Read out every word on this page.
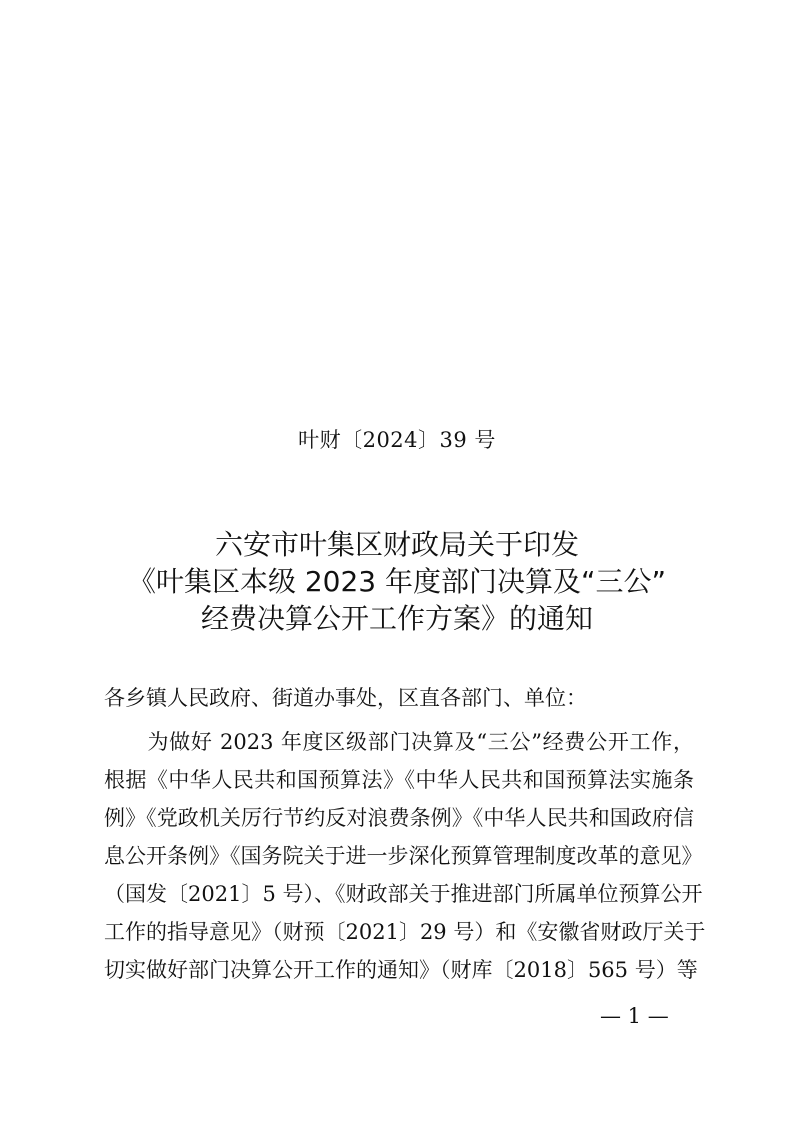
叶财〔2024〕39 号
六安市叶集区财政局关于印发
《叶集区本级 2023 年度部门决算及“三公”
经费决算公开工作方案》的通知
各乡镇人民政府、街道办事处，区直各部门、单位：
　　为做好 2023 年度区级部门决算及“三公”经费公开工作，
根据《中华人民共和国预算法》《中华人民共和国预算法实施条
例》《党政机关厉行节约反对浪费条例》《中华人民共和国政府信
息公开条例》《国务院关于进一步深化预算管理制度改革的意见》
（国发〔2021〕5 号）、《财政部关于推进部门所属单位预算公开
工作的指导意见》（财预〔2021〕29 号）和《安徽省财政厅关于
切实做好部门决算公开工作的通知》（财库〔2018〕565 号）等
— 1 —
